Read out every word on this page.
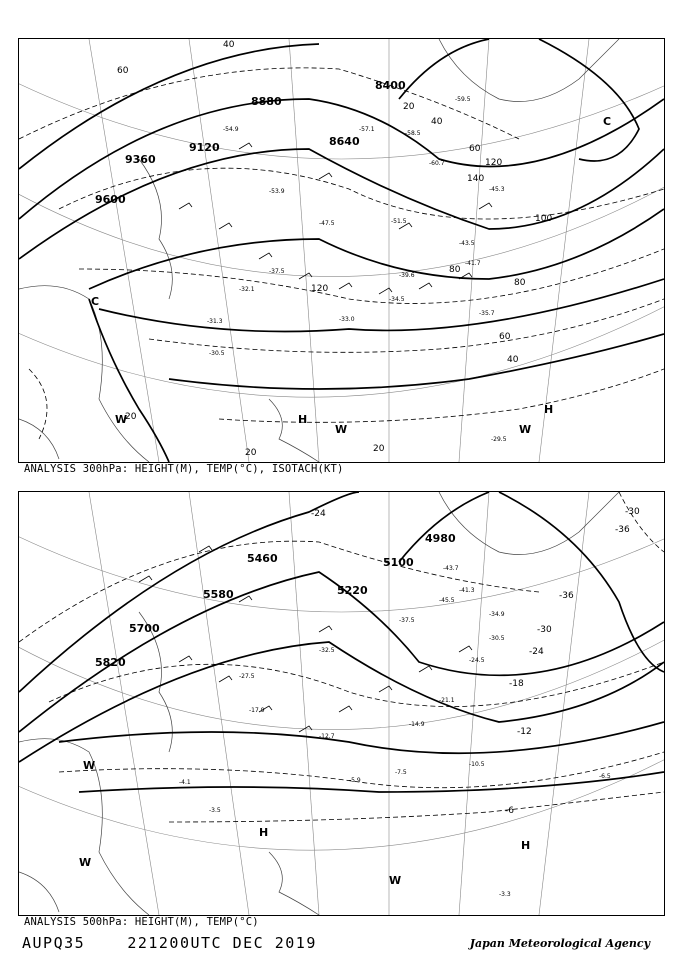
9600
9120
8880
8640
8400
9360
20
40
60
80
100
120
140
20
40
60
80
120
40
60
20	20
H
H
C
W
W	W
C
-29.5
-30.5
-31.3
-32.1
-33.0
-34.5
-35.7
-37.5
-39.6
-41.7
-43.5
-45.3
-47.5	-51.5
-53.9
-54.9	-57.1
-58.5
-60.7
-59.5
ANALYSIS 300hPa: HEIGHT(M), TEMP(°C), ISOTACH(KT)
5820
5700
5580
5460	5100
4980
5220
-36
-30
-24
-18
-12
-6
-36
-30
-24
H
H
W
W
W
-3.5
-4.1	-5.9
-7.5
-10.5
-12.7
-14.9
-17.9
-21.1
-24.5
-27.5
-30.5
-32.5
-34.9
-37.5
-41.3
-43.7
-45.5
-6.5
-3.3
ANALYSIS 500hPa: HEIGHT(M), TEMP(°C)
AUPQ35	221200UTC DEC 2019	Japan Meteorological Agency
